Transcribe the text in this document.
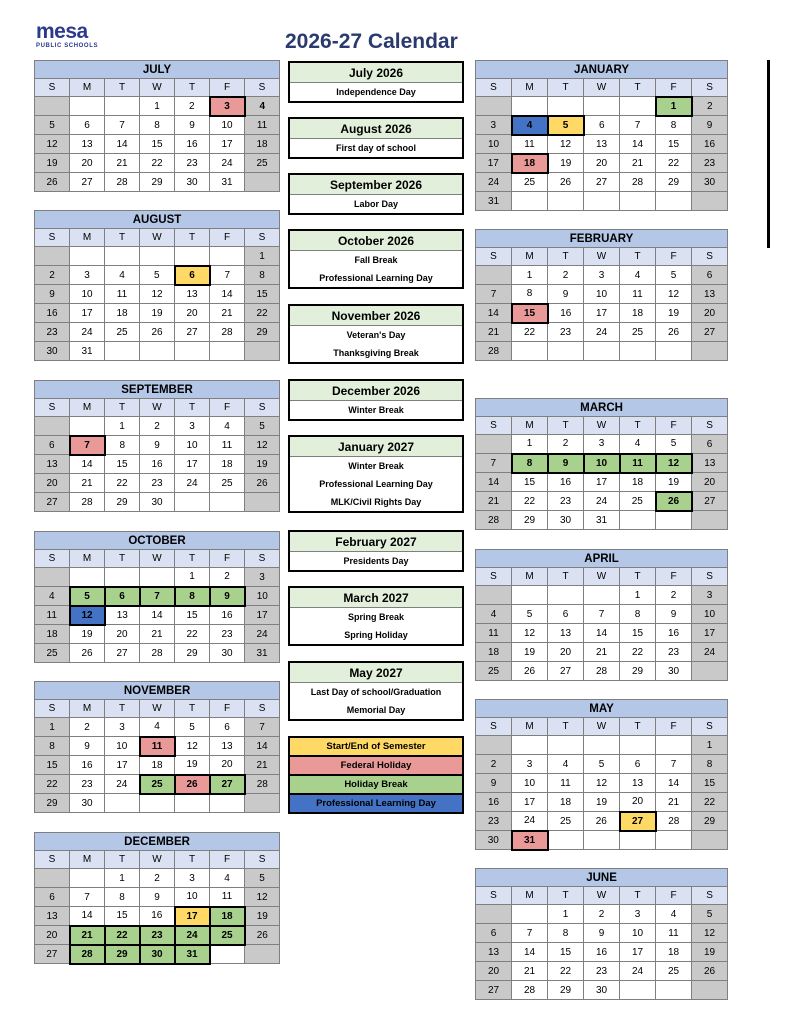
mesa
PUBLIC SCHOOLS	2026-27 Calendar
JULY						
S	M	T	W	T	F	S
			1	2	3	4
5	6	7	8	9	10	11
12	13	14	15	16	17	18
19	20	21	22	23	24	25
26	27	28	29	30	31	
AUGUST						
S	M	T	W	T	F	S
						1
2	3	4	5	6	7	8
9	10	11	12	13	14	15
16	17	18	19	20	21	22
23	24	25	26	27	28	29
30	31					
SEPTEMBER						
S	M	T	W	T	F	S
		1	2	3	4	5
6	7	8	9	10	11	12
13	14	15	16	17	18	19
20	21	22	23	24	25	26
27	28	29	30			
OCTOBER						
S	M	T	W	T	F	S
				1	2	3
4	5	6	7	8	9	10
11	12	13	14	15	16	17
18	19	20	21	22	23	24
25	26	27	28	29	30	31
NOVEMBER						
S	M	T	W	T	F	S
1	2	3	4	5	6	7
8	9	10	11	12	13	14
15	16	17	18	19	20	21
22	23	24	25	26	27	28
29	30					
DECEMBER						
S	M	T	W	T	F	S
		1	2	3	4	5
6	7	8	9	10	11	12
13	14	15	16	17	18	19
20	21	22	23	24	25	26
27	28	29	30	31		
JANUARY						
S	M	T	W	T	F	S
					1	2
3	4	5	6	7	8	9
10	11	12	13	14	15	16
17	18	19	20	21	22	23
24	25	26	27	28	29	30
31						
FEBRUARY						
S	M	T	W	T	F	S
	1	2	3	4	5	6
7	8	9	10	11	12	13
14	15	16	17	18	19	20
21	22	23	24	25	26	27
28						
MARCH						
S	M	T	W	T	F	S
	1	2	3	4	5	6
7	8	9	10	11	12	13
14	15	16	17	18	19	20
21	22	23	24	25	26	27
28	29	30	31			
APRIL						
S	M	T	W	T	F	S
				1	2	3
4	5	6	7	8	9	10
11	12	13	14	15	16	17
18	19	20	21	22	23	24
25	26	27	28	29	30	
MAY						
S	M	T	W	T	F	S
						1
2	3	4	5	6	7	8
9	10	11	12	13	14	15
16	17	18	19	20	21	22
23	24	25	26	27	28	29
30	31					
JUNE						
S	M	T	W	T	F	S
		1	2	3	4	5
6	7	8	9	10	11	12
13	14	15	16	17	18	19
20	21	22	23	24	25	26
27	28	29	30			
July 2026
Independence Day
August 2026
First day of school
September 2026
Labor Day
October 2026
Fall Break
Professional Learning Day
November 2026
Veteran's Day
Thanksgiving Break
December 2026
Winter Break
January 2027
Winter Break
Professional Learning Day
MLK/Civil Rights Day
February 2027
Presidents Day
March 2027
Spring Break
Spring Holiday
May 2027
Last Day of school/Graduation
Memorial Day
Start/End of Semester
Federal Holiday
Holiday Break
Professional Learning Day
